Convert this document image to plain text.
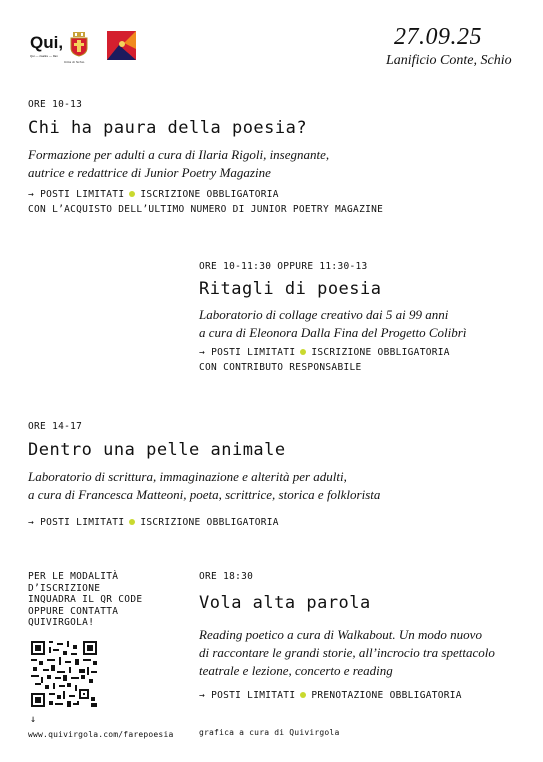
Qui,
Qui — risalire — Ifan
Città di Schio
27.09.25
Lanificio Conte, Schio
ORE 10-13
Chi ha paura della poesia?
Formazione per adulti a cura di Ilaria Rigoli, insegnante,
autrice e redattrice di Junior Poetry Magazine
→ POSTI LIMITATI ISCRIZIONE OBBLIGATORIA
CON L’ACQUISTO DELL’ULTIMO NUMERO DI JUNIOR POETRY MAGAZINE
ORE 10-11:30 OPPURE 11:30-13
Ritagli di poesia
Laboratorio di collage creativo dai 5 ai 99 anni
a cura di Eleonora Dalla Fina del Progetto Colibrì
→ POSTI LIMITATI ISCRIZIONE OBBLIGATORIA
CON CONTRIBUTO RESPONSABILE
ORE 14-17
Dentro una pelle animale
Laboratorio di scrittura, immaginazione e alterità per adulti,
a cura di Francesca Matteoni, poeta, scrittrice, storica e folklorista
→ POSTI LIMITATI ISCRIZIONE OBBLIGATORIA
PER LE MODALITÀ
D’ISCRIZIONE
INQUADRA IL QR CODE
OPPURE CONTATTA
QUIVIRGOLA!
↓
www.quivirgola.com/farepoesia
ORE 18:30
Vola alta parola
Reading poetico a cura di Walkabout. Un modo nuovo
di raccontare le grandi storie, all’incrocio tra spettacolo
teatrale e lezione, concerto e reading
→ POSTI LIMITATI PRENOTAZIONE OBBLIGATORIA
grafica a cura di Quivirgola
